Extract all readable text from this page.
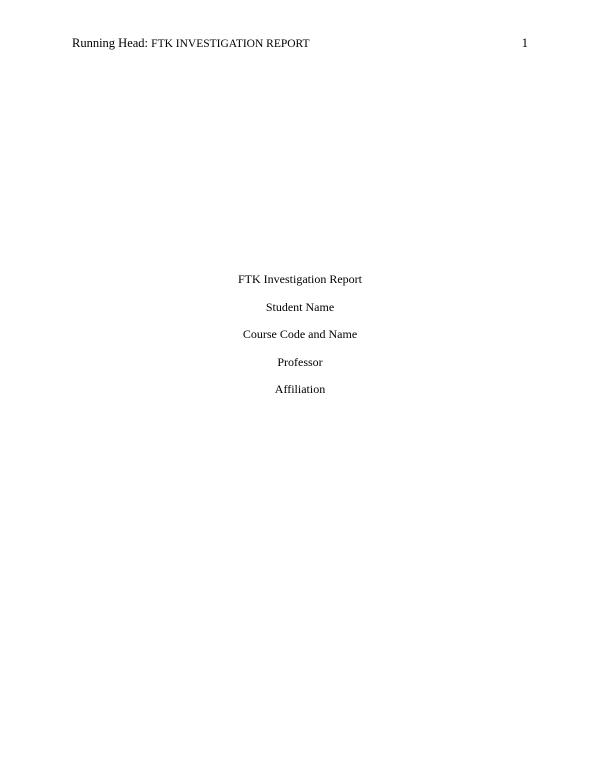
Running Head: FTK INVESTIGATION REPORT	1
FTK Investigation Report
Student Name
Course Code and Name
Professor
Affiliation
